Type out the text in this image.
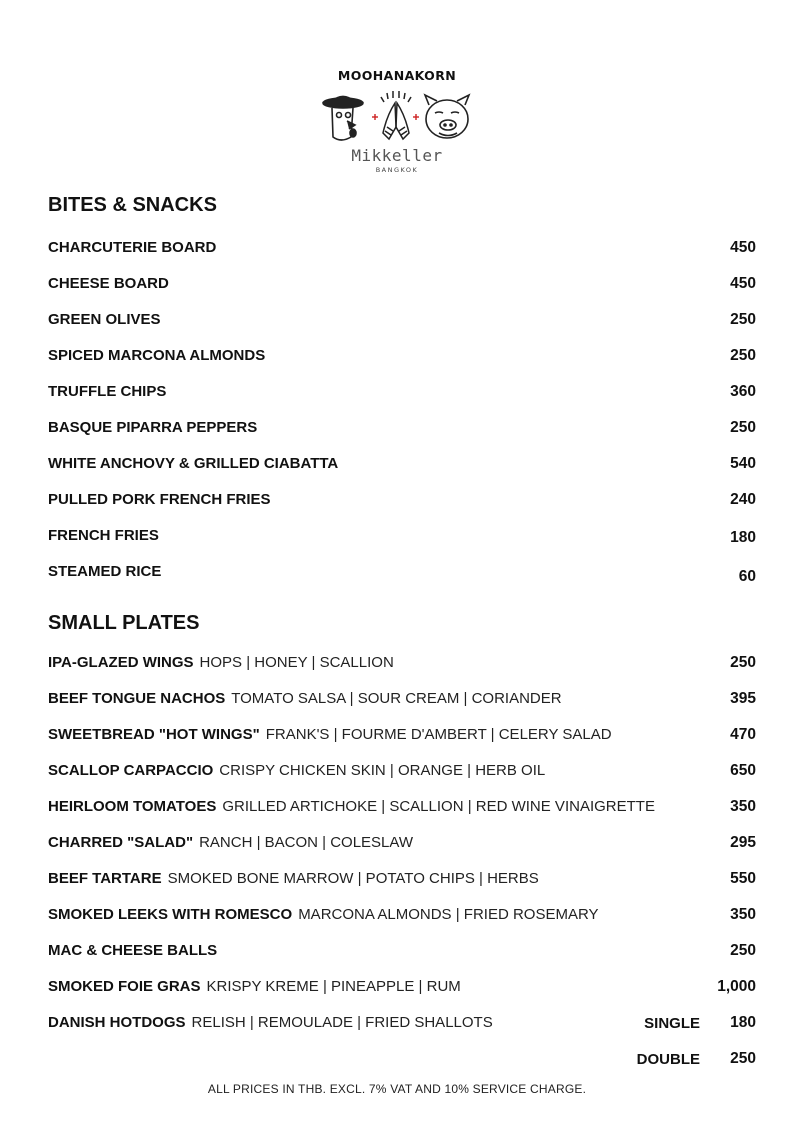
MOOHANAKORN
Mikkeller
BANGKOK
BITES & SNACKS
CHARCUTERIE BOARD	450
CHEESE BOARD	450
GREEN OLIVES	250
SPICED MARCONA ALMONDS	250
TRUFFLE CHIPS	360
BASQUE PIPARRA PEPPERS	250
WHITE ANCHOVY & GRILLED CIABATTA	540
PULLED PORK FRENCH FRIES	240
FRENCH FRIES	180
STEAMED RICE	60
SMALL PLATES
IPA-GLAZED WINGS HOPS | HONEY | SCALLION	250
BEEF TONGUE NACHOS TOMATO SALSA | SOUR CREAM | CORIANDER	395
SWEETBREAD "HOT WINGS" FRANK'S | FOURME D'AMBERT | CELERY SALAD	470
SCALLOP CARPACCIO CRISPY CHICKEN SKIN | ORANGE | HERB OIL	650
HEIRLOOM TOMATOES GRILLED ARTICHOKE | SCALLION | RED WINE VINAIGRETTE	350
CHARRED "SALAD" RANCH | BACON | COLESLAW	295
BEEF TARTARE SMOKED BONE MARROW | POTATO CHIPS | HERBS	550
SMOKED LEEKS WITH ROMESCO MARCONA ALMONDS | FRIED ROSEMARY	350
MAC & CHEESE BALLS	250
SMOKED FOIE GRAS KRISPY KREME | PINEAPPLE | RUM	1,000
DANISH HOTDOGS RELISH | REMOULADE | FRIED SHALLOTS	SINGLE 180
DOUBLE 250
ALL PRICES IN THB. EXCL. 7% VAT AND 10% SERVICE CHARGE.
